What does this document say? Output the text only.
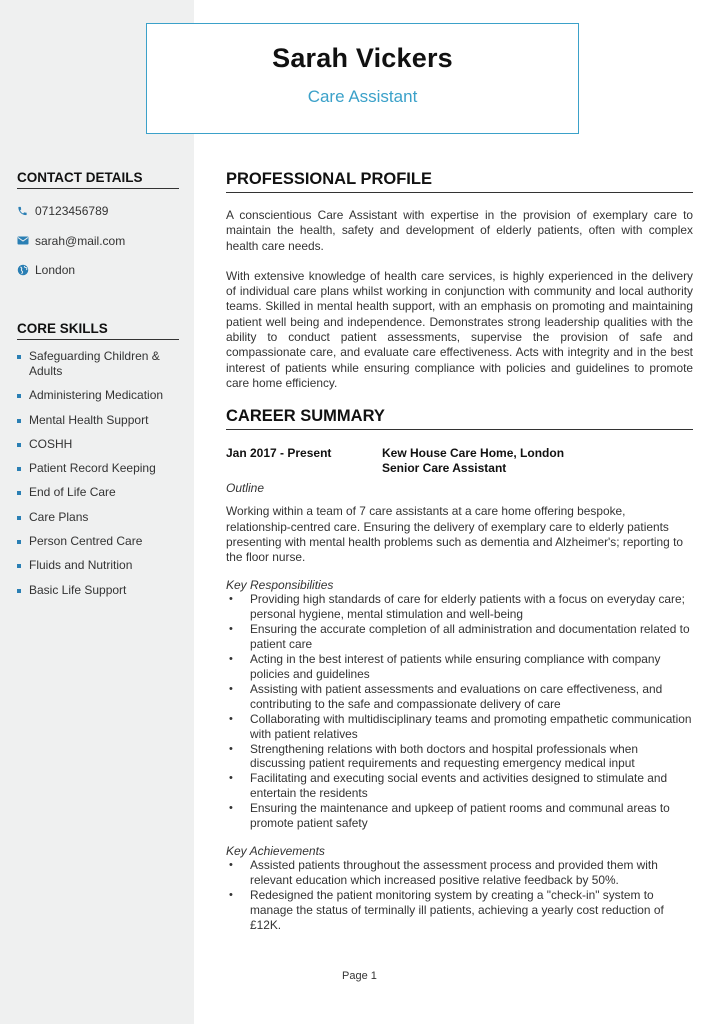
Sarah Vickers
Care Assistant
CONTACT DETAILS
07123456789
sarah@mail.com
London
CORE SKILLS
Safeguarding Children & Adults
Administering Medication
Mental Health Support
COSHH
Patient Record Keeping
End of Life Care
Care Plans
Person Centred Care
Fluids and Nutrition
Basic Life Support
PROFESSIONAL PROFILE

A conscientious Care Assistant with expertise in the provision of exemplary care to maintain the health, safety and development of elderly patients, often with complex health care needs.

With extensive knowledge of health care services, is highly experienced in the delivery of individual care plans whilst working in conjunction with community and local authority teams. Skilled in mental health support, with an emphasis on promoting and maintaining patient well being and independence. Demonstrates strong leadership qualities with the ability to conduct patient assessments, supervise the provision of safe and compassionate care, and evaluate care effectiveness. Acts with integrity and in the best interest of patients while ensuring compliance with policies and guidelines to promote care home efficiency.

CAREER SUMMARY
Jan 2017 - Present	Kew House Care Home, London
Senior Care Assistant
Outline

Working within a team of 7 care assistants at a care home offering bespoke, relationship-centred care. Ensuring the delivery of exemplary care to elderly patients presenting with mental health problems such as dementia and Alzheimer's; reporting to the floor nurse.

Key Responsibilities
• Providing high standards of care for elderly patients with a focus on everyday care; personal hygiene, mental stimulation and well-being
• Ensuring the accurate completion of all administration and documentation related to patient care
• Acting in the best interest of patients while ensuring compliance with company policies and guidelines
• Assisting with patient assessments and evaluations on care effectiveness, and contributing to the safe and compassionate delivery of care
• Collaborating with multidisciplinary teams and promoting empathetic communication with patient relatives
• Strengthening relations with both doctors and hospital professionals when discussing patient requirements and requesting emergency medical input
• Facilitating and executing social events and activities designed to stimulate and entertain the residents
• Ensuring the maintenance and upkeep of patient rooms and communal areas to promote patient safety
Key Achievements
• Assisted patients throughout the assessment process and provided them with relevant education which increased positive relative feedback by 50%.
• Redesigned the patient monitoring system by creating a "check-in" system to manage the status of terminally ill patients, achieving a yearly cost reduction of £12K.
Page 1
